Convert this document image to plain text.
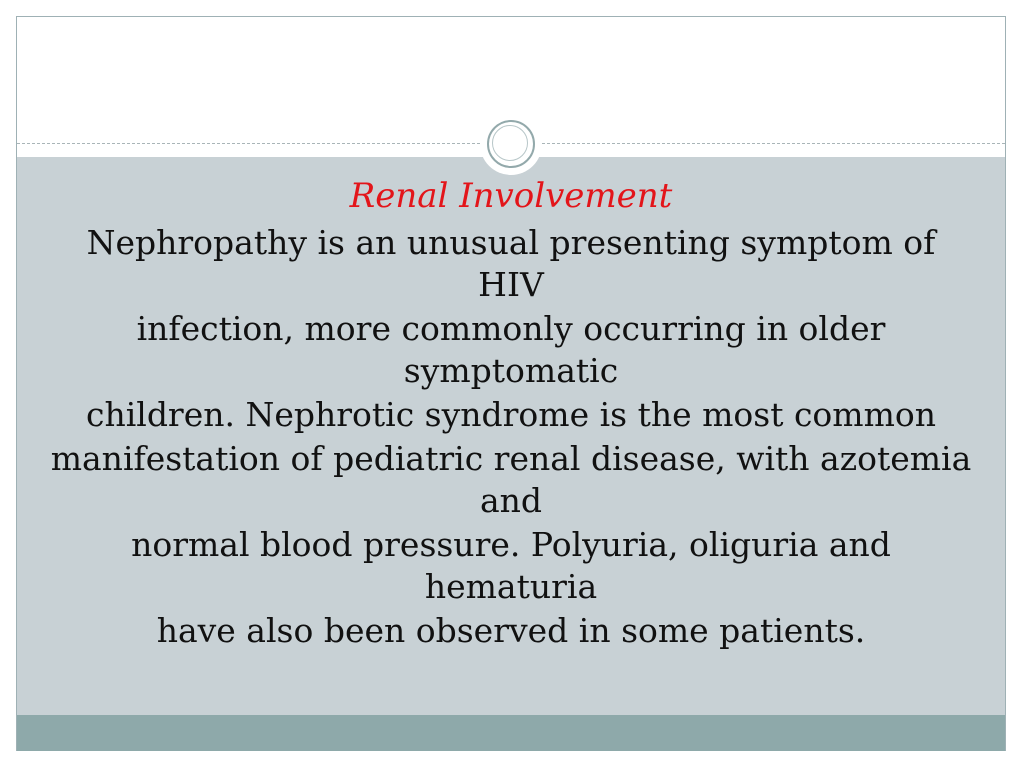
Renal Involvement
Nephropathy is an unusual presenting symptom of
HIV
infection, more commonly occurring in older
symptomatic
children. Nephrotic syndrome is the most common
manifestation of pediatric renal disease, with azotemia
and
normal blood pressure. Polyuria, oliguria and
hematuria
have also been observed in some patients.
